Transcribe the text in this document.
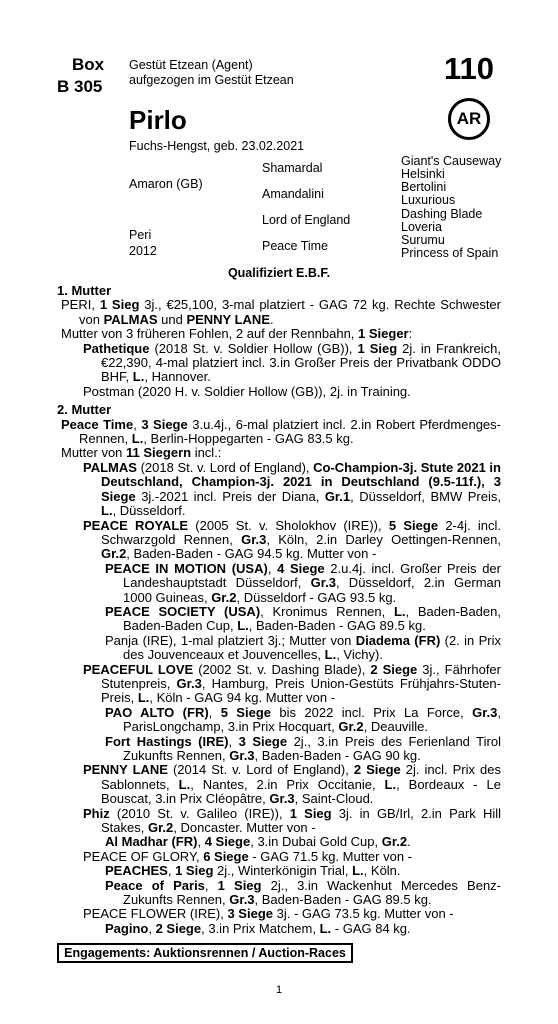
Box
B 305
Gestüt Etzean (Agent)
aufgezogen im Gestüt Etzean	110
AR
Pirlo
Fuchs-Hengst, geb. 23.02.2021
Amaron (GB)
Peri
2012
Shamardal
Amandalini
Lord of England
Peace Time
Giant's Causeway
Helsinki
Bertolini
Luxurious
Dashing Blade
Loveria
Surumu
Princess of Spain
Qualifiziert E.B.F.

1. Mutter

PERI, 1 Sieg 3j., €25,100, 3-mal platziert - GAG 72 kg. Rechte Schwester von PALMAS und PENNY LANE.

Mutter von 3 früheren Fohlen, 2 auf der Rennbahn, 1 Sieger:

Pathetique (2018 St. v. Soldier Hollow (GB)), 1 Sieg 2j. in Frankreich, €22,390, 4-mal platziert incl. 3.in Großer Preis der Privatbank ODDO BHF, L., Hannover.

Postman (2020 H. v. Soldier Hollow (GB)), 2j. in Training.

2. Mutter

Peace Time, 3 Siege 3.u.4j., 6-mal platziert incl. 2.in Robert Pferdmenges-Rennen, L., Berlin-Hoppegarten - GAG 83.5 kg.

Mutter von 11 Siegern incl.:

PALMAS (2018 St. v. Lord of England), Co-Champion-3j. Stute 2021 in Deutschland, Champion-3j. 2021 in Deutschland (9.5-11f.), 3 Siege 3j.-2021 incl. Preis der Diana, Gr.1, Düsseldorf, BMW Preis, L., Düsseldorf.

PEACE ROYALE (2005 St. v. Sholokhov (IRE)), 5 Siege 2-4j. incl. Schwarzgold Rennen, Gr.3, Köln, 2.in Darley Oettingen-Rennen, Gr.2, Baden-Baden - GAG 94.5 kg. Mutter von -

PEACE IN MOTION (USA), 4 Siege 2.u.4j. incl. Großer Preis der Landeshauptstadt Düsseldorf, Gr.3, Düsseldorf, 2.in German 1000 Guineas, Gr.2, Düsseldorf - GAG 93.5 kg.

PEACE SOCIETY (USA), Kronimus Rennen, L., Baden-Baden, Baden-Baden Cup, L., Baden-Baden - GAG 89.5 kg.

Panja (IRE), 1-mal platziert 3j.; Mutter von Diadema (FR) (2. in Prix des Jouvenceaux et Jouvencelles, L., Vichy).

PEACEFUL LOVE (2002 St. v. Dashing Blade), 2 Siege 3j., Fährhofer Stutenpreis, Gr.3, Hamburg, Preis Union-Gestüts Frühjahrs-Stuten-Preis, L., Köln - GAG 94 kg. Mutter von -

PAO ALTO (FR), 5 Siege bis 2022 incl. Prix La Force, Gr.3, ParisLongchamp, 3.in Prix Hocquart, Gr.2, Deauville.

Fort Hastings (IRE), 3 Siege 2j., 3.in Preis des Ferienland Tirol Zukunfts Rennen, Gr.3, Baden-Baden - GAG 90 kg.

PENNY LANE (2014 St. v. Lord of England), 2 Siege 2j. incl. Prix des Sablonnets, L., Nantes, 2.in Prix Occitanie, L., Bordeaux - Le Bouscat, 3.in Prix Cléopâtre, Gr.3, Saint-Cloud.

Phiz (2010 St. v. Galileo (IRE)), 1 Sieg 3j. in GB/Irl, 2.in Park Hill Stakes, Gr.2, Doncaster. Mutter von -

Al Madhar (FR), 4 Siege, 3.in Dubai Gold Cup, Gr.2.

PEACE OF GLORY, 6 Siege - GAG 71.5 kg. Mutter von -

PEACHES, 1 Sieg 2j., Winterkönigin Trial, L., Köln.

Peace of Paris, 1 Sieg 2j., 3.in Wackenhut Mercedes Benz-Zukunfts Rennen, Gr.3, Baden-Baden - GAG 89.5 kg.

PEACE FLOWER (IRE), 3 Siege 3j. - GAG 73.5 kg. Mutter von -

Pagino, 2 Siege, 3.in Prix Matchem, L. - GAG 84 kg.

Engagements: Auktionsrennen / Auction-Races
1
